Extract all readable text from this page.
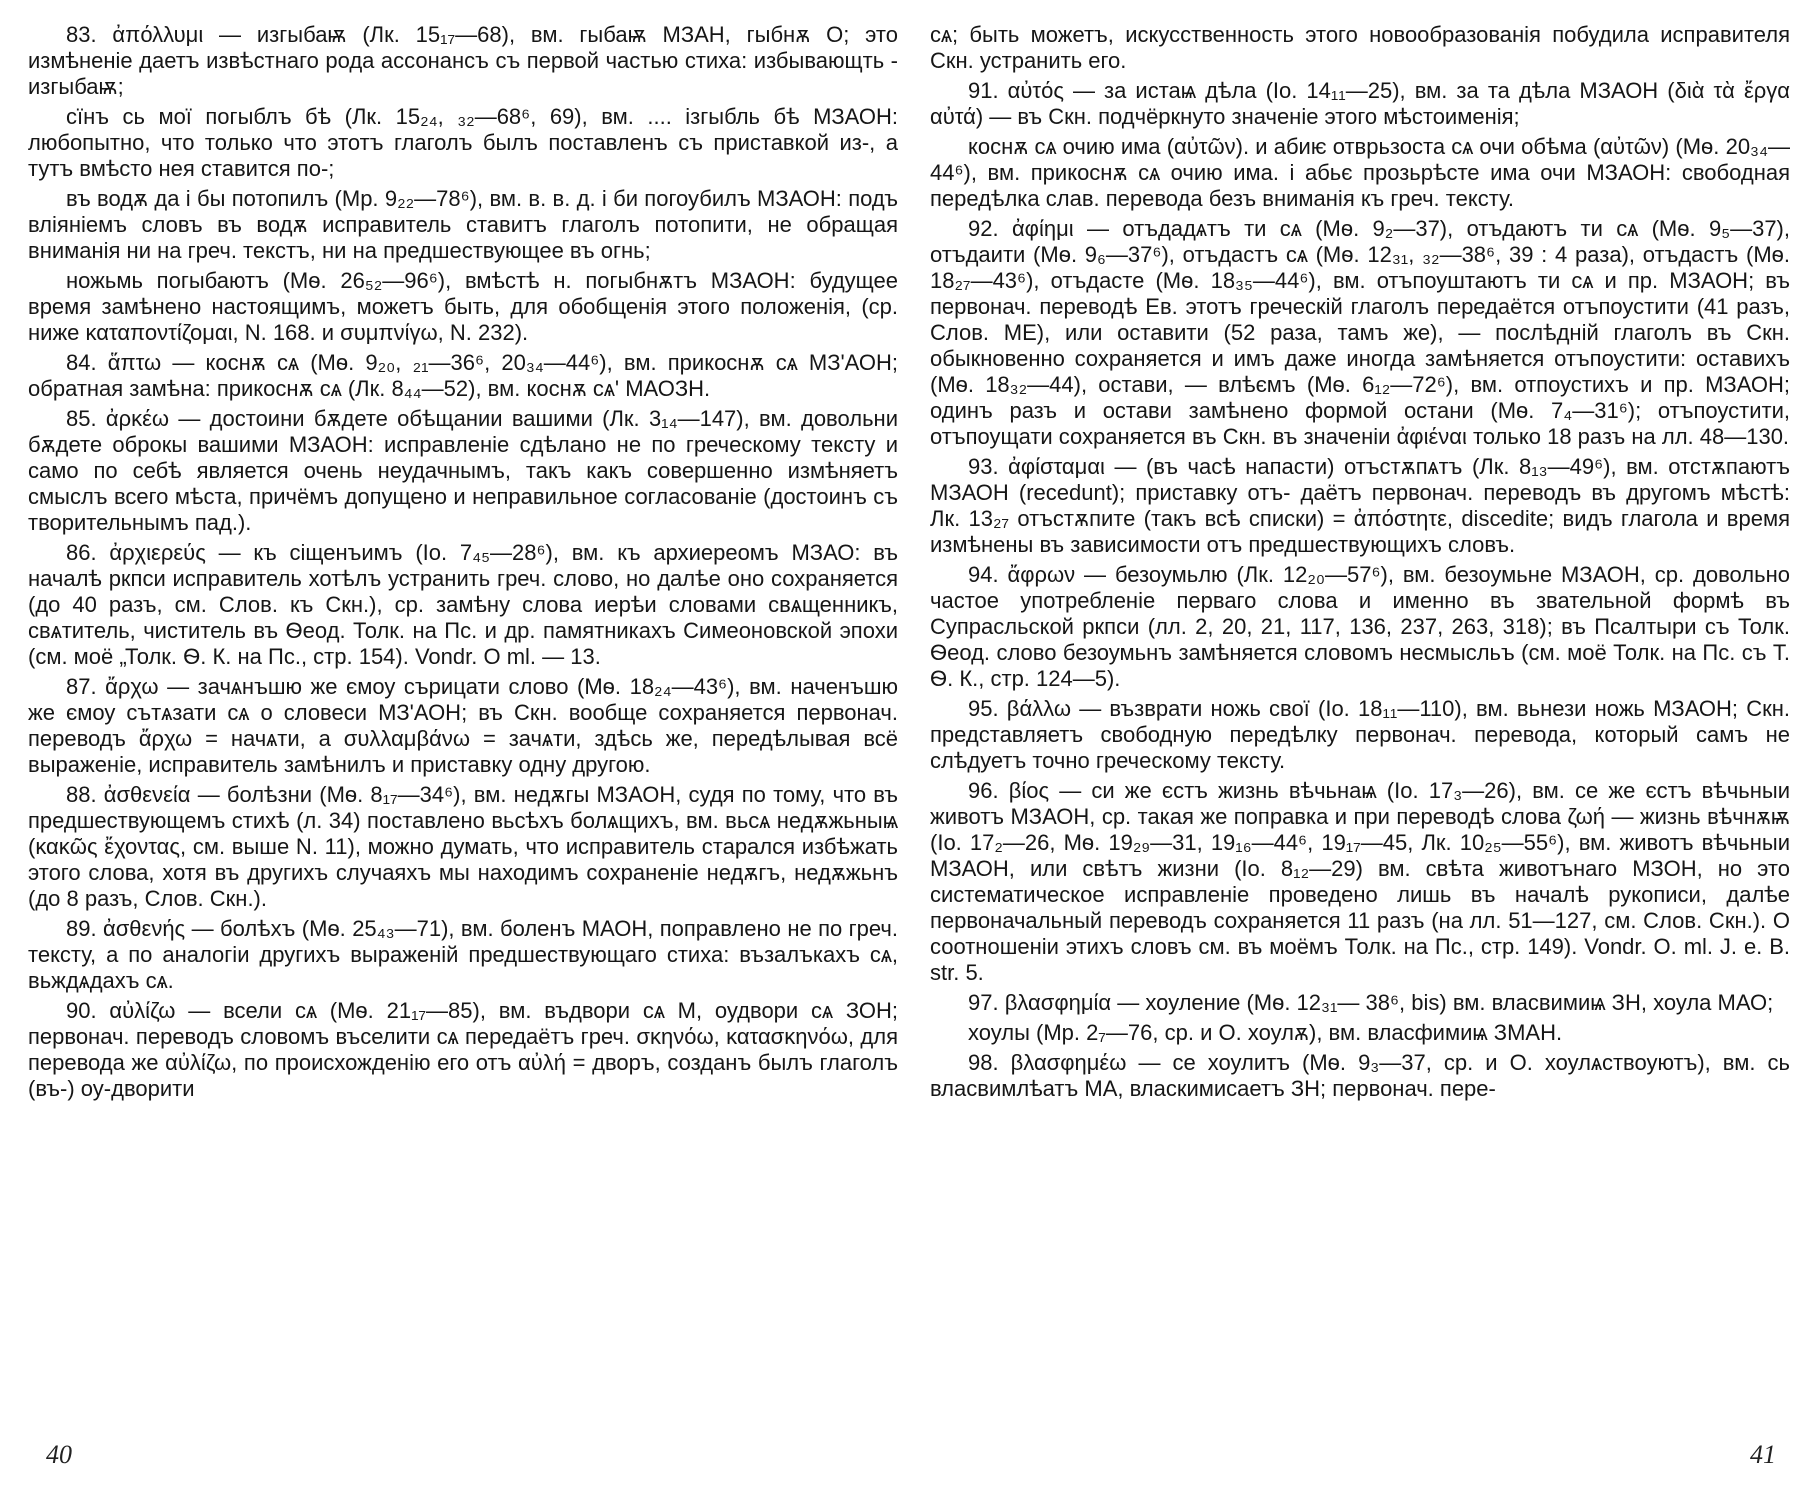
83. ἀπόλλυμι — изгыбаѭ (Лк. 15₁₇—68), вм. гыбаѭ МЗАН, гыбнѫ О; это измѣненіе даетъ извѣстнаго рода ассонансъ съ первой частью стиха: избывающть - изгыбаѭ;

сїнъ сь мої погыблъ бѣ (Лк. 15₂₄, ₃₂—68⁶, 69), вм. .... ізгыбль бѣ МЗАОН: любопытно, что только что этотъ глаголъ былъ поставленъ съ приставкой из-, а тутъ вмѣсто нея ставится по-;

въ водѫ да і бы потопилъ (Мр. 9₂₂—78⁶), вм. в. в. д. і би погоубилъ МЗАОН: подъ вліяніемъ словъ въ водѫ исправитель ставитъ глаголъ потопити, не обращая вниманія ни на греч. текстъ, ни на предшествующее въ огнь;

ножьмь погыбаютъ (Мѳ. 26₅₂—96⁶), вмѣстѣ н. погыбнѫтъ МЗАОН: будущее время замѣнено настоящимъ, можетъ быть, для обобщенія этого положенія, (ср. ниже καταποντίζομαι, N. 168. и συμπνίγω, N. 232).

84. ἅπτω — коснѫ сѧ (Мѳ. 9₂₀, ₂₁—36⁶, 20₃₄—44⁶), вм. прикоснѫ сѧ МЗ'АОН; обратная замѣна: прикоснѫ сѧ (Лк. 8₄₄—52), вм. коснѫ сѧ' МАОЗН.

85. ἀρκέω — достоини бѫдете обѣщании вашими (Лк. 3₁₄—147), вм. довольни бѫдете оброкы вашими МЗАОН: исправленіе сдѣлано не по греческому тексту и само по себѣ является очень неудачнымъ, такъ какъ совершенно измѣняетъ смыслъ всего мѣста, причёмъ допущено и неправильное согласованіе (достоинъ съ творительнымъ пад.).

86. ἀρχιερεύς — къ сіщенъимъ (Іо. 7₄₅—28⁶), вм. къ архиереомъ МЗАО: въ началѣ ркпси исправитель хотѣлъ устранить греч. слово, но далѣе оно сохраняется (до 40 разъ, см. Слов. къ Скн.), ср. замѣну слова иерѣи словами свѧщенникъ, свѧтитель, чиститель въ Ѳеод. Толк. на Пс. и др. памятникахъ Симеоновской эпохи (см. моё „Толк. Ѳ. К. на Пс., стр. 154). Vondr. O ml. — 13.

87. ἄρχω — зачѧнъшю же ємоу сърицати слово (Мѳ. 18₂₄—43⁶), вм. наченъшю же ємоу сътѧзати сѧ о словеси МЗ'АОН; въ Скн. вообще сохраняется первонач. переводъ ἄρχω = начѧти, а συλλαμβάνω = зачѧти, здѣсь же, передѣлывая всё выраженіе, исправитель замѣнилъ и приставку одну другою.

88. ἀσθενεία — болѣзни (Мѳ. 8₁₇—34⁶), вм. недѫгы МЗАОН, судя по тому, что въ предшествующемъ стихѣ (л. 34) поставлено вьсѣхъ болѧщихъ, вм. вьсѧ недѫжьныѩ (κακῶς ἔχοντας, см. выше N. 11), можно думать, что исправитель старался избѣжать этого слова, хотя въ другихъ случаяхъ мы находимъ сохраненіе недѫгъ, недѫжьнъ (до 8 разъ, Слов. Скн.).

89. ἀσθενής — болѣхъ (Мѳ. 25₄₃—71), вм. боленъ МАОН, поправлено не по греч. тексту, а по аналогіи другихъ выраженій предшествующаго стиха: възалъкахъ сѧ, вьждѧдахъ сѧ.

90. αὐλίζω — всели сѧ (Мѳ. 21₁₇—85), вм. въдвори сѧ М, оудвори сѧ ЗОН; первонач. переводъ словомъ въселити сѧ передаётъ греч. σκηνόω, κατασκηνόω, для перевода же αὐλίζω, по происхожденію его отъ αὐλή = дворъ, созданъ былъ глаголъ (въ-) оу-дворити

40

сѧ; быть можетъ, искусственность этого новообразованія побудила исправителя Скн. устранить его.

91. αὐτός — за истаѩ дѣла (Іо. 14₁₁—25), вм. за та дѣла МЗАОН (διὰ τὰ ἔργα αὐτά) — въ Скн. подчёркнуто значеніе этого мѣстоименія;

коснѫ сѧ очию има (αὐτῶν). и абиѥ отврьзоста сѧ очи обѣма (αὐτῶν) (Мѳ. 20₃₄—44⁶), вм. прикоснѫ сѧ очию има. і абьє прозьрѣсте има очи МЗАОН: свободная передѣлка слав. перевода безъ вниманія къ греч. тексту.

92. ἀφίημι — отъдадѧтъ ти сѧ (Мѳ. 9₂—37), отъдаютъ ти сѧ (Мѳ. 9₅—37), отъдаити (Мѳ. 9₆—37⁶), отъдастъ сѧ (Мѳ. 12₃₁, ₃₂—38⁶, 39 : 4 раза), отъдастъ (Мѳ. 18₂₇—43⁶), отъдасте (Мѳ. 18₃₅—44⁶), вм. отъпоуштаютъ ти сѧ и пр. МЗАОН; въ первонач. переводѣ Ев. этотъ греческій глаголъ передаётся отъпоустити (41 разъ, Слов. МЕ), или оставити (52 раза, тамъ же), — послѣдній глаголъ въ Скн. обыкновенно сохраняется и имъ даже иногда замѣняется отъпоустити: оставихъ (Мѳ. 18₃₂—44), остави, — влѣємъ (Мѳ. 6₁₂—72⁶), вм. отпоустихъ и пр. МЗАОН; одинъ разъ и остави замѣнено формой остани (Мѳ. 7₄—31⁶); отъпоустити, отъпоущати сохраняется въ Скн. въ значеніи ἀφιέναι только 18 разъ на лл. 48—130.

93. ἀφίσταμαι — (въ часѣ напасти) отъстѫпѧтъ (Лк. 8₁₃—49⁶), вм. отстѫпаютъ МЗАОН (recedunt); приставку отъ- даётъ первонач. переводъ въ другомъ мѣстѣ: Лк. 13₂₇ отъстѫпите (такъ всѣ списки) = ἀπόστητε, discedite; видъ глагола и время измѣнены въ зависимости отъ предшествующихъ словъ.

94. ἄφρων — безоумьлю (Лк. 12₂₀—57⁶), вм. безоумьне МЗАОН, ср. довольно частое употребленіе перваго слова и именно въ звательной формѣ въ Супрасльской ркпси (лл. 2, 20, 21, 117, 136, 237, 263, 318); въ Псалтыри съ Толк. Ѳеод. слово безоумьнъ замѣняется словомъ несмысльъ (см. моё Толк. на Пс. съ Т. Ѳ. К., стр. 124—5).

95. βάλλω — възврати ножь свої (Іо. 18₁₁—110), вм. вьнези ножь МЗАОН; Скн. представляетъ свободную передѣлку первонач. перевода, который самъ не слѣдуетъ точно греческому тексту.

96. βίος — си же єстъ жизнь вѣчьнаѩ (Іо. 17₃—26), вм. се же єстъ вѣчьныи животъ МЗАОН, ср. такая же поправка и при переводѣ слова ζωή — жизнь вѣчнѫѭ (Іо. 17₂—26, Мѳ. 19₂₉—31, 19₁₆—44⁶, 19₁₇—45, Лк. 10₂₅—55⁶), вм. животъ вѣчьныи МЗАОН, или свѣтъ жизни (Іо. 8₁₂—29) вм. свѣта животънаго МЗОН, но это систематическое исправленіе проведено лишь въ началѣ рукописи, далѣе первоначальный переводъ сохраняется 11 разъ (на лл. 51—127, см. Слов. Скн.). О соотношеніи этихъ словъ см. въ моёмъ Толк. на Пс., стр. 149). Vondr. O. ml. J. e. B. str. 5.

97. βλασφημία — хоуление (Мѳ. 12₃₁— 38⁶, bis) вм. власвимиѩ ЗН, хоула МАО;

хоулы (Мр. 2₇—76, ср. и О. хоулѫ), вм. власфимиѩ ЗМАН.

98. βλασφημέω — се хоулитъ (Мѳ. 9₃—37, ср. и О. хоулѧствоуютъ), вм. сь власвимлѣатъ МА, власкимисаетъ ЗН; первонач. пере-

41
